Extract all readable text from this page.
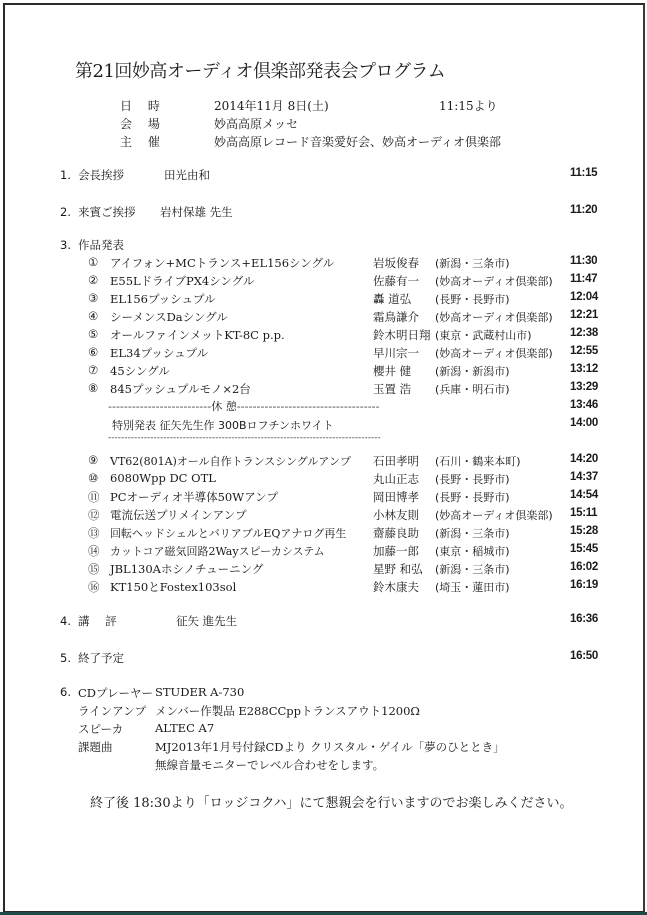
第21回妙高オーディオ倶楽部発表会プログラム
日 時	2014年11月 8日(土)	11:15より
会 場	妙高高原メッセ
主 催	妙高高原レコード音楽愛好会、妙高オーディオ倶楽部
1. 会長挨拶	田光由和	11:15
2. 来賓ご挨拶 岩村保雄 先生	11:20
3. 作品発表
①	アイフォン+MCトランス+EL156シングル	岩坂俊春	(新潟・三条市)	11:30
②	E55LドライブPX4シングル	佐藤有一	(妙高オーディオ倶楽部)	11:47
③	EL156プッシュプル	轟 道弘	(長野・長野市)	12:04
④	シーメンスDaシングル	霜鳥謙介	(妙高オーディオ倶楽部)	12:21
⑤	オールファインメットKT-8C p.p.	鈴木明日翔 (東京・武蔵村山市)	12:38
⑥	EL34プッシュプル	早川宗一	(妙高オーディオ倶楽部)	12:55
⑦	45シングル	櫻井 健	(新潟・新潟市)	13:12
⑧	845プッシュプルモノ×2台	玉置 浩	(兵庫・明石市)	13:29
--------------------------休 憩------------------------------------	13:46
特別発表 征矢先生作 300Bロフチンホワイト	14:00
------------------------------------------------------------------------------------
⑨	VT62(801A)オール自作トランスシングルアンプ	石田孝明	(石川・鶴来本町)	14:20
⑩	6080Wpp DC OTL	丸山正志	(長野・長野市)	14:37
⑪ PCオーディオ半導体50Wアンプ	岡田博孝	(長野・長野市)	14:54
⑫ 電流伝送プリメインアンプ	小林友則	(妙高オーディオ倶楽部)	15:11
⑬ 回転ヘッドシェルとバリアブルEQアナログ再生	齋藤良助	(新潟・三条市)	15:28
⑭ カットコア磁気回路2Wayスピーカシステム	加藤一郎	(東京・稲城市)	15:45
⑮ JBL130Aホシノチューニング	星野 和弘	(新潟・三条市)	16:02
⑯ KT150とFostex103sol	鈴木康夫	(埼玉・蓮田市)	16:19
4. 講 評	征矢 進先生	16:36
5. 終了予定	16:50
6. CDプレーヤー STUDER A-730
ラインアンプ メンバー作製品 E288CCppトランスアウト1200Ω
スピーカ	ALTEC A7
課題曲	MJ2013年1月号付録CDより クリスタル・ゲイル「夢のひととき」
無線音量モニターでレベル合わせをします。
終了後 18:30より「ロッジコクハ」にて懇親会を行いますのでお楽しみください。
